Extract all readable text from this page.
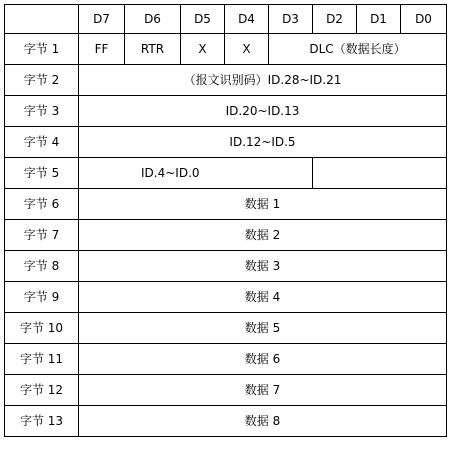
	D7	D6	D5	D4	D3	D2	D1	D0
字节 1	FF	RTR	X	X	DLC（数据长度）			
字节 2	（报文识别码）ID.28~ID.21							
字节 3	ID.20~ID.13							
字节 4	ID.12~ID.5							
字节 5	ID.4~ID.0							
字节 6	数据 1							
字节 7	数据 2							
字节 8	数据 3							
字节 9	数据 4							
字节 10	数据 5							
字节 11	数据 6							
字节 12	数据 7							
字节 13	数据 8							
